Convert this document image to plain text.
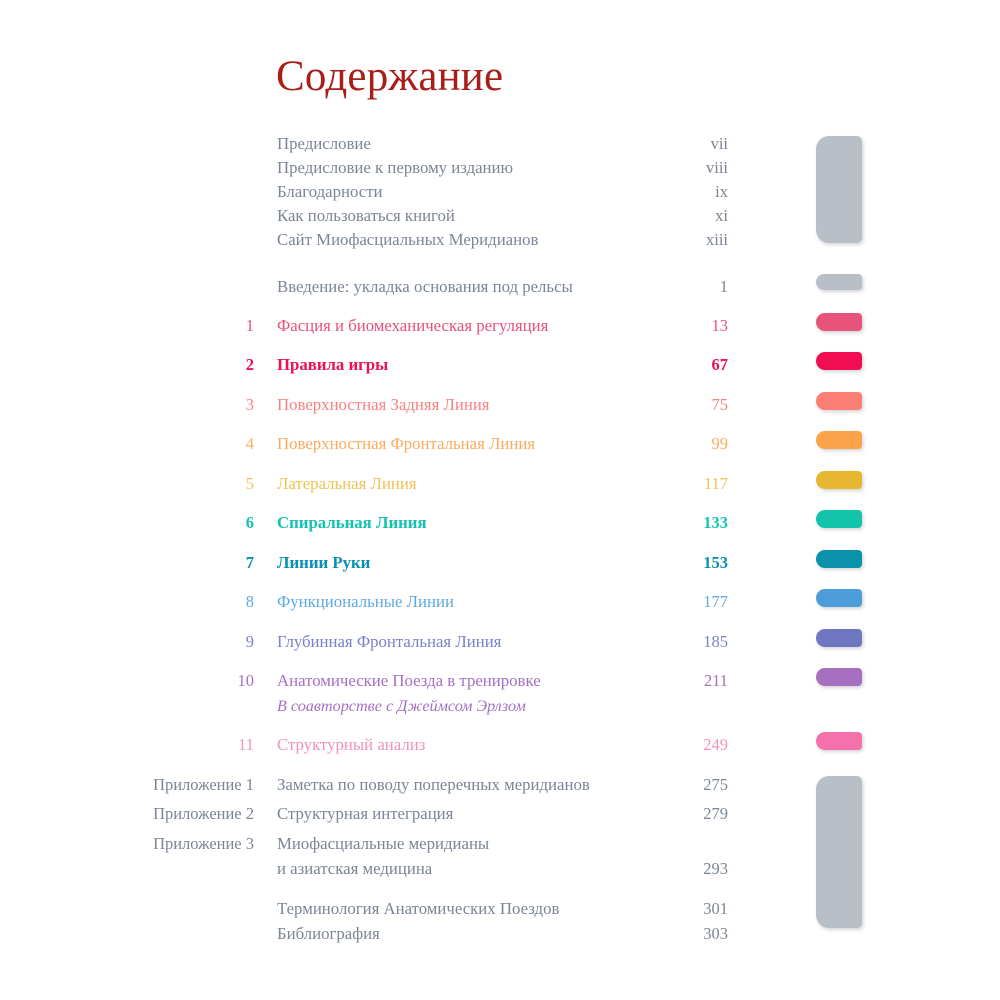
Содержание
Предисловие	vii
Предисловие к первому изданию	viii
Благодарности	ix
Как пользоваться книгой	xi
Сайт Миофасциальных Меридианов	xiii
Введение: укладка основания под рельсы	1
1 Фасция и биомеханическая регуляция	13
2 Правила игры	67
3 Поверхностная Задняя Линия	75
4 Поверхностная Фронтальная Линия	99
5 Латеральная Линия	117
6 Спиральная Линия	133
7 Линии Руки	153
8 Функциональные Линии	177
9 Глубинная Фронтальная Линия	185
10 Анатомические Поезда в тренировке	211
В соавторстве с Джеймсом Эрлзом
11 Структурный анализ	249
Приложение 1 Заметка по поводу поперечных меридианов	275
Приложение 2 Структурная интеграция	279
Приложение 3 Миофасциальные меридианы
и азиатская медицина	293
Терминология Анатомических Поездов	301
Библиография	303
